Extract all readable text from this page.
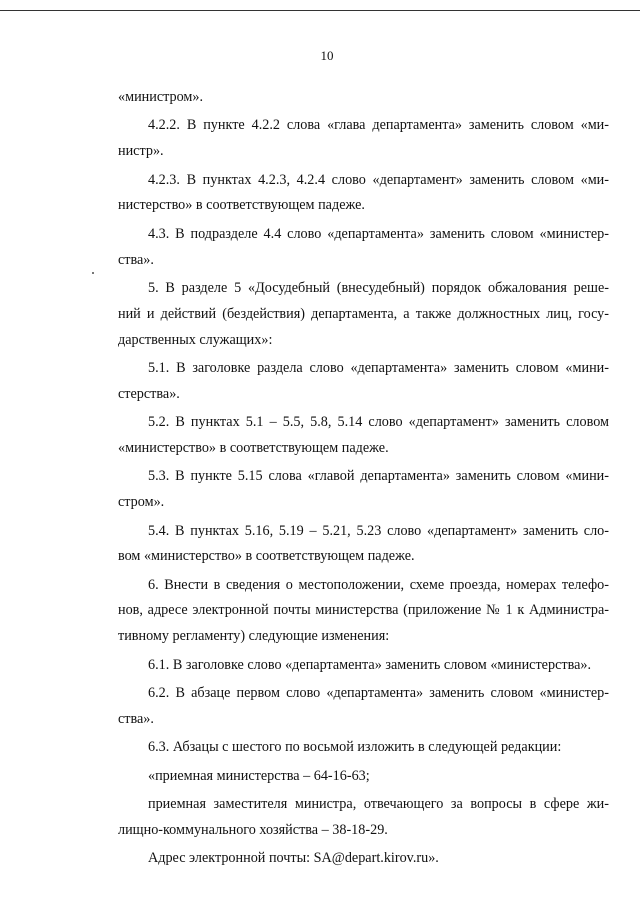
10
«министром».
4.2.2. В пункте 4.2.2 слова «глава департамента» заменить словом «ми-
нистр».
4.2.3. В пунктах 4.2.3, 4.2.4 слово «департамент» заменить словом «ми-
нистерство» в соответствующем падеже.
4.3. В подразделе 4.4 слово «департамента» заменить словом «министер-
ства».
5. В разделе 5 «Досудебный (внесудебный) порядок обжалования реше-
ний и действий (бездействия) департамента, а также должностных лиц, госу-
дарственных служащих»:
5.1. В заголовке раздела слово «департамента» заменить словом «мини-
стерства».
5.2. В пунктах 5.1 – 5.5, 5.8, 5.14 слово «департамент» заменить словом
«министерство» в соответствующем падеже.
5.3. В пункте 5.15 слова «главой департамента» заменить словом «мини-
стром».
5.4. В пунктах 5.16, 5.19 – 5.21, 5.23 слово «департамент» заменить сло-
вом «министерство» в соответствующем падеже.
6. Внести в сведения о местоположении, схеме проезда, номерах телефо-
нов, адресе электронной почты министерства (приложение № 1 к Администра-
тивному регламенту) следующие изменения:
6.1. В заголовке слово «департамента» заменить словом «министерства».
6.2. В абзаце первом слово «департамента» заменить словом «министер-
ства».
6.3. Абзацы с шестого по восьмой изложить в следующей редакции:
«приемная министерства – 64-16-63;
приемная заместителя министра, отвечающего за вопросы в сфере жи-
лищно-коммунального хозяйства – 38-18-29.
Адрес электронной почты: SA@depart.kirov.ru».
